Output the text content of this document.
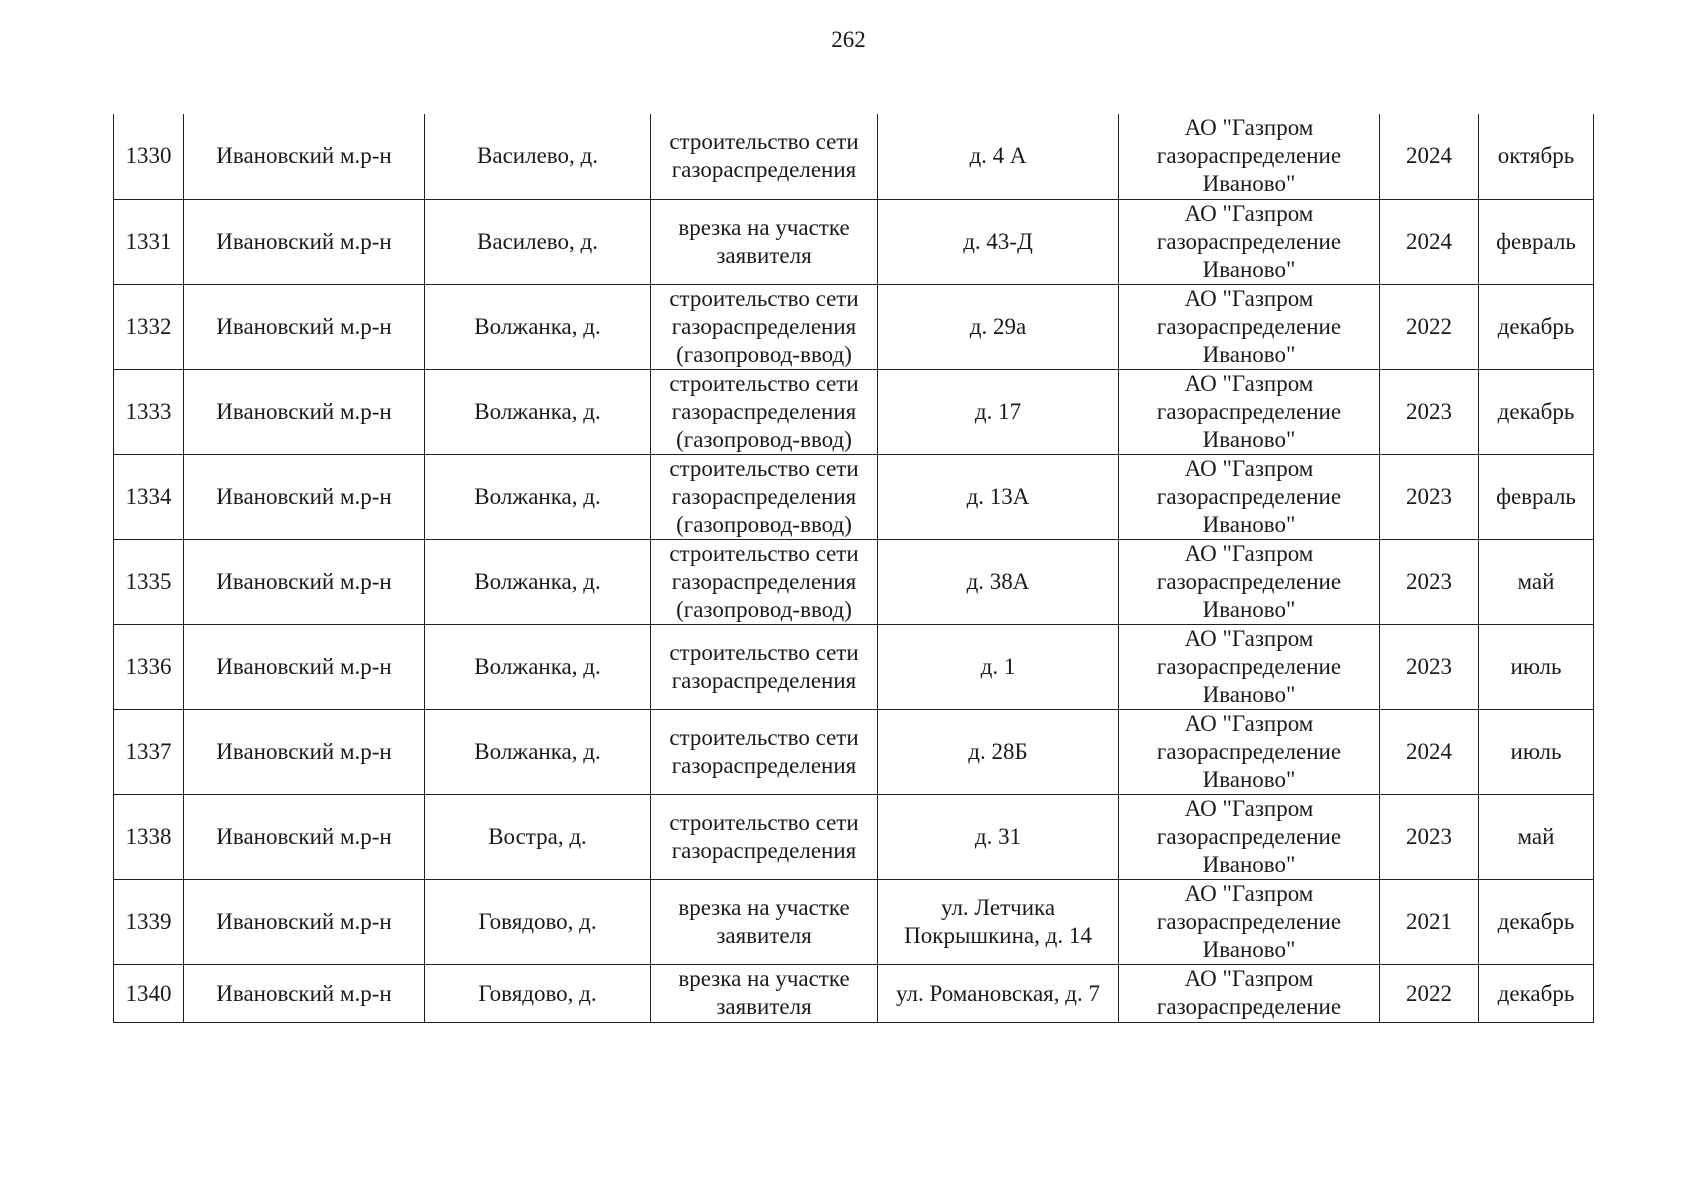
262
1330	Ивановский м.р-н	Василево, д.	строительство сети
газораспределения	д. 4 А	АО "Газпром
газораспределение
Иваново"	2024	октябрь
1331	Ивановский м.р-н	Василево, д.	врезка на участке
заявителя	д. 43-Д	АО "Газпром
газораспределение
Иваново"	2024	февраль
1332	Ивановский м.р-н	Волжанка, д.	строительство сети
газораспределения
(газопровод-ввод)	д. 29а	АО "Газпром
газораспределение
Иваново"	2022	декабрь
1333	Ивановский м.р-н	Волжанка, д.	строительство сети
газораспределения
(газопровод-ввод)	д. 17	АО "Газпром
газораспределение
Иваново"	2023	декабрь
1334	Ивановский м.р-н	Волжанка, д.	строительство сети
газораспределения
(газопровод-ввод)	д. 13А	АО "Газпром
газораспределение
Иваново"	2023	февраль
1335	Ивановский м.р-н	Волжанка, д.	строительство сети
газораспределения
(газопровод-ввод)	д. 38А	АО "Газпром
газораспределение
Иваново"	2023	май
1336	Ивановский м.р-н	Волжанка, д.	строительство сети
газораспределения	д. 1	АО "Газпром
газораспределение
Иваново"	2023	июль
1337	Ивановский м.р-н	Волжанка, д.	строительство сети
газораспределения	д. 28Б	АО "Газпром
газораспределение
Иваново"	2024	июль
1338	Ивановский м.р-н	Вострa, д.	строительство сети
газораспределения	д. 31	АО "Газпром
газораспределение
Иваново"	2023	май
1339	Ивановский м.р-н	Говядово, д.	врезка на участке
заявителя	ул. Летчика
Покрышкина, д. 14	АО "Газпром
газораспределение
Иваново"	2021	декабрь

1340	Ивановский м.р-н	Говядово, д.	врезка на участке
заявителя	ул. Романовская, д. 7	АО "Газпром
газораспределение	2022	декабрь
